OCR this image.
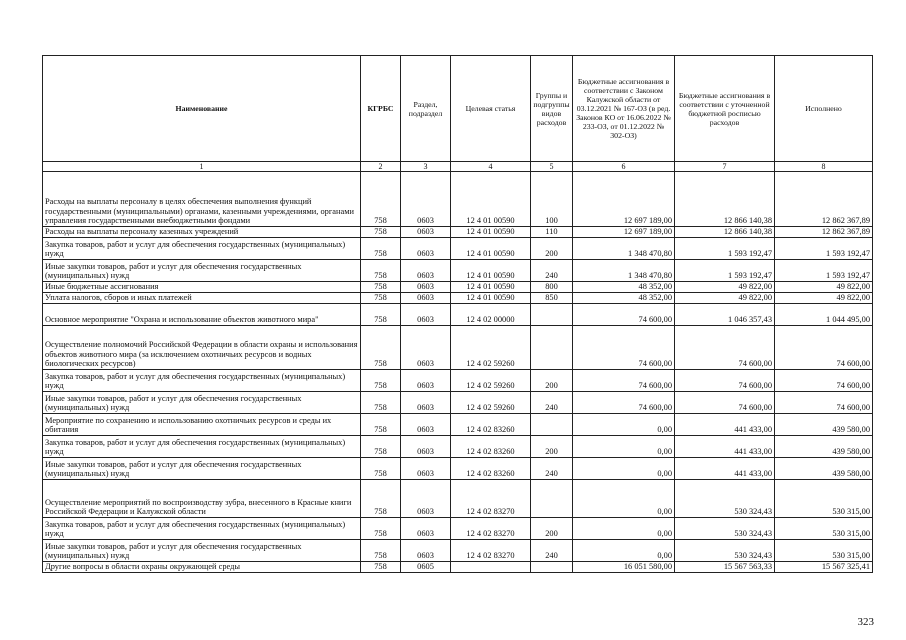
Наименование	КГРБС	Раздел, подраздел	Целевая статья	Группы и подгруппы видов расходов	Бюджетные ассигнования в соответствии с Законом Калужской области от 03.12.2021 № 167-ОЗ (в ред. Законов КО от 16.06.2022 № 233-ОЗ, от 01.12.2022 № 302-ОЗ)	Бюджетные ассигнования в соответствии с уточненной бюджетной росписью расходов	Исполнено
1	2	3	4	5	6	7	8
Расходы на выплаты персоналу в целях обеспечения выполнения функций государственными (муниципальными) органами, казенными учреждениями, органами управления государственными внебюджетными фондами	758	0603	12 4 01 00590	100	12 697 189,00	12 866 140,38	12 862 367,89
Расходы на выплаты персоналу казенных учреждений	758	0603	12 4 01 00590	110	12 697 189,00	12 866 140,38	12 862 367,89
Закупка товаров, работ и услуг для обеспечения государственных (муниципальных) нужд	758	0603	12 4 01 00590	200	1 348 470,80	1 593 192,47	1 593 192,47
Иные закупки товаров, работ и услуг для обеспечения государственных (муниципальных) нужд	758	0603	12 4 01 00590	240	1 348 470,80	1 593 192,47	1 593 192,47
Иные бюджетные ассигнования	758	0603	12 4 01 00590	800	48 352,00	49 822,00	49 822,00
Уплата налогов, сборов и иных платежей	758	0603	12 4 01 00590	850	48 352,00	49 822,00	49 822,00
Основное мероприятие "Охрана и использование объектов животного мира"	758	0603	12 4 02 00000		74 600,00	1 046 357,43	1 044 495,00
Осуществление полномочий Российской Федерации в области охраны и использования объектов животного мира (за исключением охотничьих ресурсов и водных биологических ресурсов)	758	0603	12 4 02 59260		74 600,00	74 600,00	74 600,00
Закупка товаров, работ и услуг для обеспечения государственных (муниципальных) нужд	758	0603	12 4 02 59260	200	74 600,00	74 600,00	74 600,00
Иные закупки товаров, работ и услуг для обеспечения государственных (муниципальных) нужд	758	0603	12 4 02 59260	240	74 600,00	74 600,00	74 600,00
Мероприятие по сохранению и использованию охотничьих ресурсов и среды их обитания	758	0603	12 4 02 83260		0,00	441 433,00	439 580,00
Закупка товаров, работ и услуг для обеспечения государственных (муниципальных) нужд	758	0603	12 4 02 83260	200	0,00	441 433,00	439 580,00
Иные закупки товаров, работ и услуг для обеспечения государственных (муниципальных) нужд	758	0603	12 4 02 83260	240	0,00	441 433,00	439 580,00
Осуществление мероприятий по воспроизводству зубра, внесенного в Красные книги Российской Федерации и Калужской области	758	0603	12 4 02 83270		0,00	530 324,43	530 315,00
Закупка товаров, работ и услуг для обеспечения государственных (муниципальных) нужд	758	0603	12 4 02 83270	200	0,00	530 324,43	530 315,00
Иные закупки товаров, работ и услуг для обеспечения государственных (муниципальных) нужд	758	0603	12 4 02 83270	240	0,00	530 324,43	530 315,00
Другие вопросы в области охраны окружающей среды	758	0605			16 051 580,00	15 567 563,33	15 567 325,41
323
